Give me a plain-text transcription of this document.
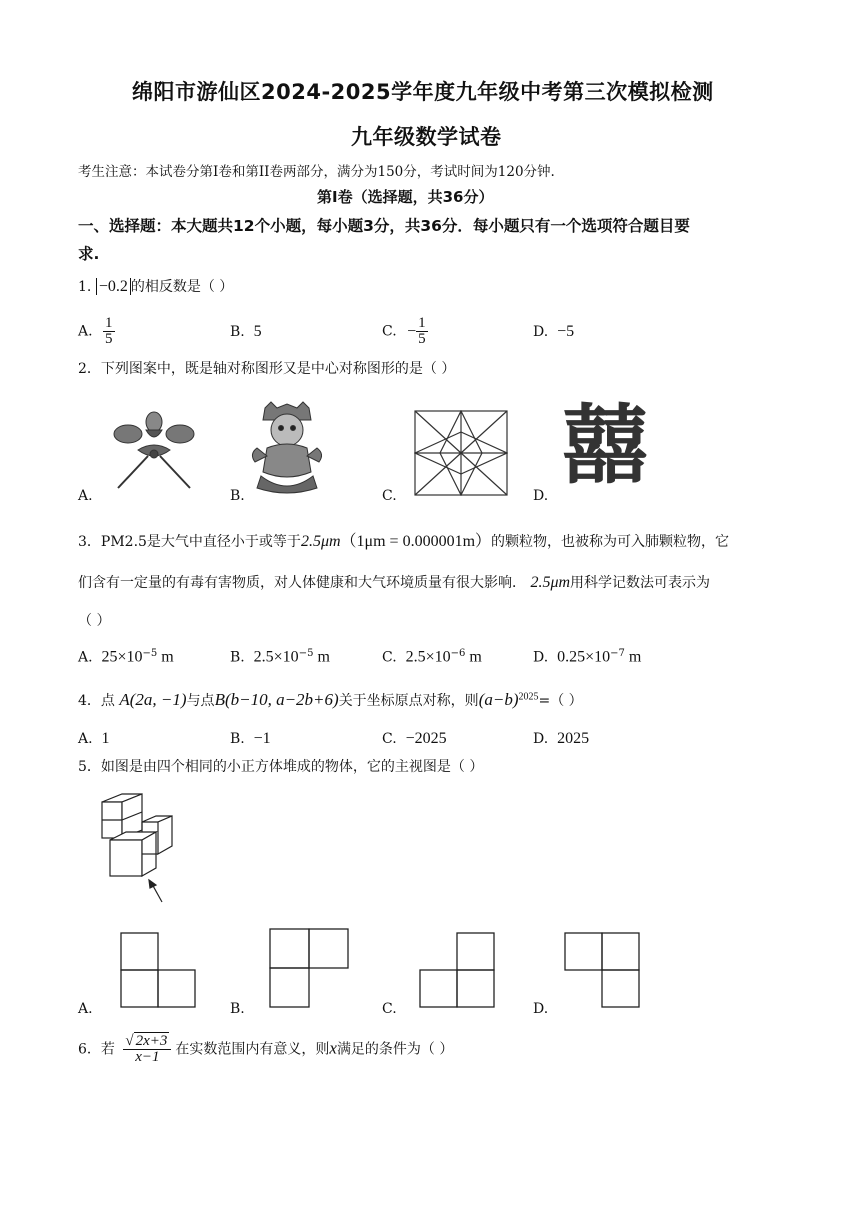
绵阳市游仙区2024-2025学年度九年级中考第三次模拟检测
九年级数学试卷
考生注意：本试卷分第I卷和第II卷两部分，满分为150分，考试时间为120分钟.
第I卷（选择题，共36分）
一、选择题：本大题共12个小题，每小题3分，共36分．每小题只有一个选项符合题目要
求.
1. −0.2 的相反数是（ ）
A. $\frac{1}{5}$	B. 5	C. − $\frac{1}{5}$	D. −5
2．下列图案中，既是轴对称图形又是中心对称图形的是（ ）
A.	B.	C. 囍
D.
3．PM2.5是大气中直径小于或等于2.5μm（1μm = 0.000001m）的颗粒物，也被称为可入肺颗粒物，它
们含有一定量的有毒有害物质，对人体健康和大气环境质量有很大影响． 2.5μm用科学记数法可表示为
（ ）
A. $25\times 10^{-5}$ m	B. $2.5\times 10^{-5}$ m	C. $2.5\times 10^{-6}$ m	D. $0.25\times 10^{-7}$ m
4．点 A(2a, −1)与点B(b−10, a−2b+6)关于坐标原点对称，则$(a-b)^{2025}=$（ ）
A. 1	B. −1	C. −2025	D. 2025
5．如图是由四个相同的小正方体堆成的物体，它的主视图是（ ）
A.	B.	C.	D.
6．若 $\frac{√ 2x+3}{x-1}$ 在实数范围内有意义，则x满足的条件为（ ）
